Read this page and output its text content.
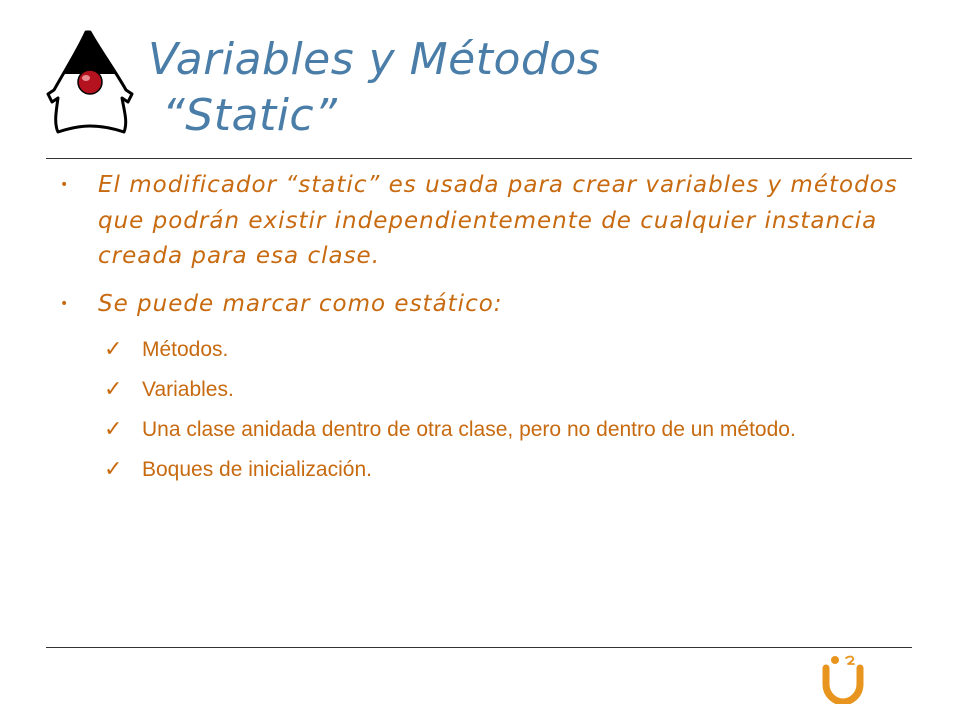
Variables y Métodos
“Static”
• El modificador “static” es usada para crear variables y métodos que podrán existir independientemente de cualquier instancia creada para esa clase.
• Se puede marcar como estático:
✓ Métodos.
✓ Variables.
✓ Una clase anidada dentro de otra clase, pero no dentro de un método.
✓ Boques de inicialización.
